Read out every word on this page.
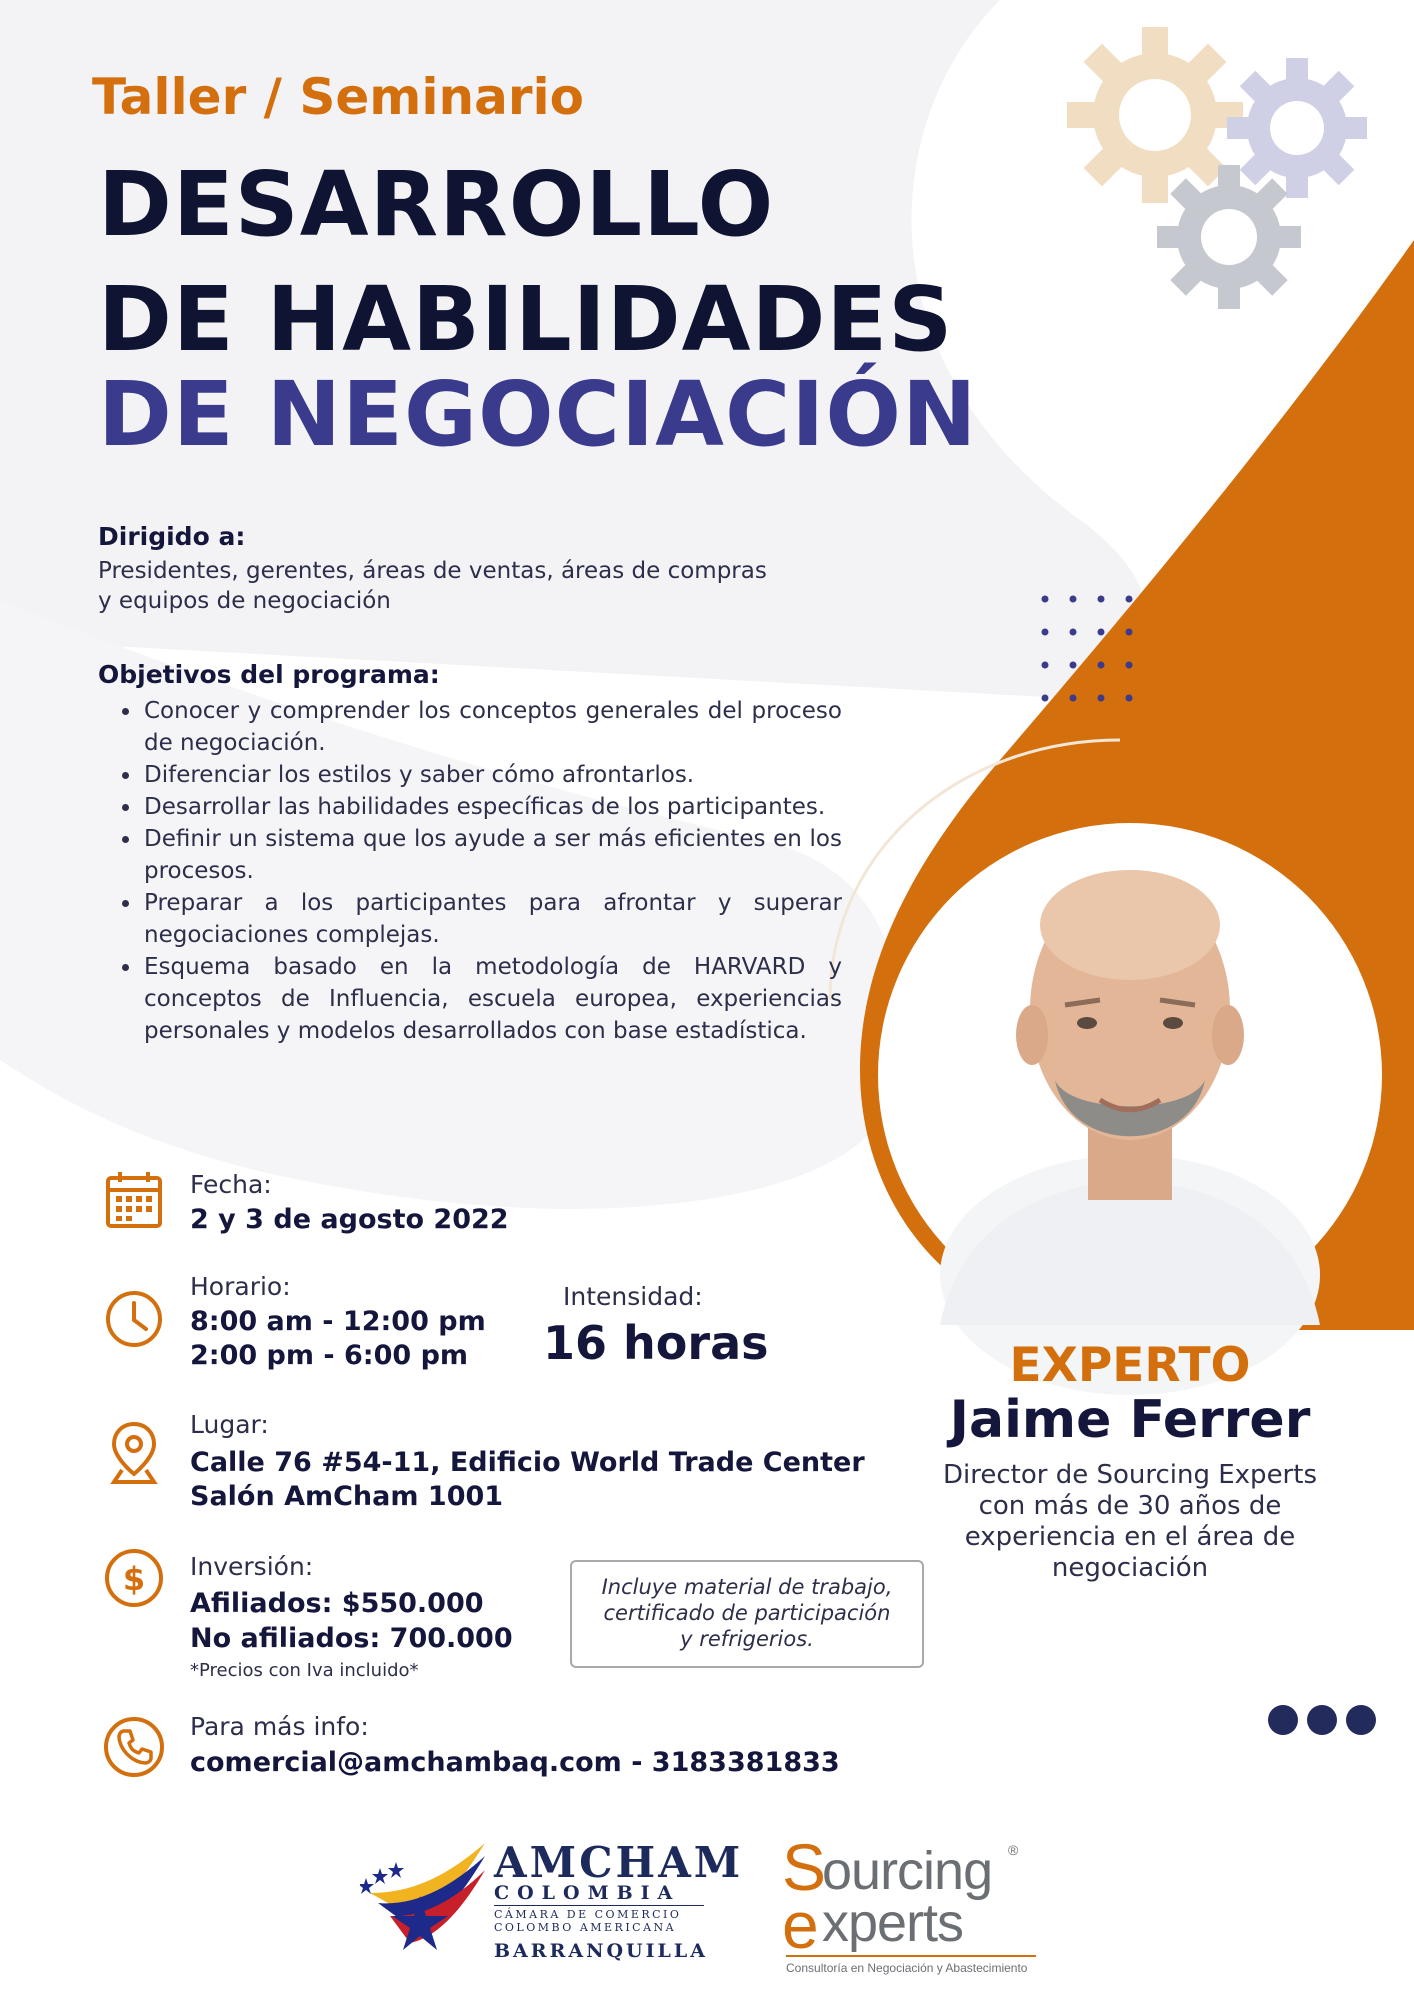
Taller / Seminario
DESARROLLO
DE HABILIDADES
DE NEGOCIACIÓN
Dirigido a:
Presidentes, gerentes, áreas de ventas, áreas de compras
y equipos de negociación
Objetivos del programa:
• Conocer y comprender los conceptos generales del proceso de negociación.
• Diferenciar los estilos y saber cómo afrontarlos.
• Desarrollar las habilidades específicas de los participantes.
• Definir un sistema que los ayude a ser más eficientes en los procesos.
• Preparar a los participantes para afrontar y superar negociaciones complejas.
• Esquema basado en la metodología de HARVARD y conceptos de Influencia, escuela europea, experiencias personales y modelos desarrollados con base estadística.
Fecha:
2 y 3 de agosto 2022
Horario:
8:00 am - 12:00 pm
2:00 pm - 6:00 pm
Intensidad:
16 horas
Lugar:
Calle 76 #54-11, Edificio World Trade Center
Salón AmCham 1001
$ Inversión:
Afiliados: $550.000
No afiliados: 700.000
*Precios con Iva incluido*
Incluye material de trabajo,
certificado de participación
y refrigerios.
Para más info:
comercial@amchambaq.com - 3183381833
EXPERTO
Jaime Ferrer
Director de Sourcing Experts
con más de 30 años de
experiencia en el área de
negociación
AMCHAM
COLOMBIA
CÁMARA DE COMERCIO
COLOMBO AMERICANA
BARRANQUILLA
S
e
ourcing ®
xperts
Consultoría en Negociación y Abastecimiento
